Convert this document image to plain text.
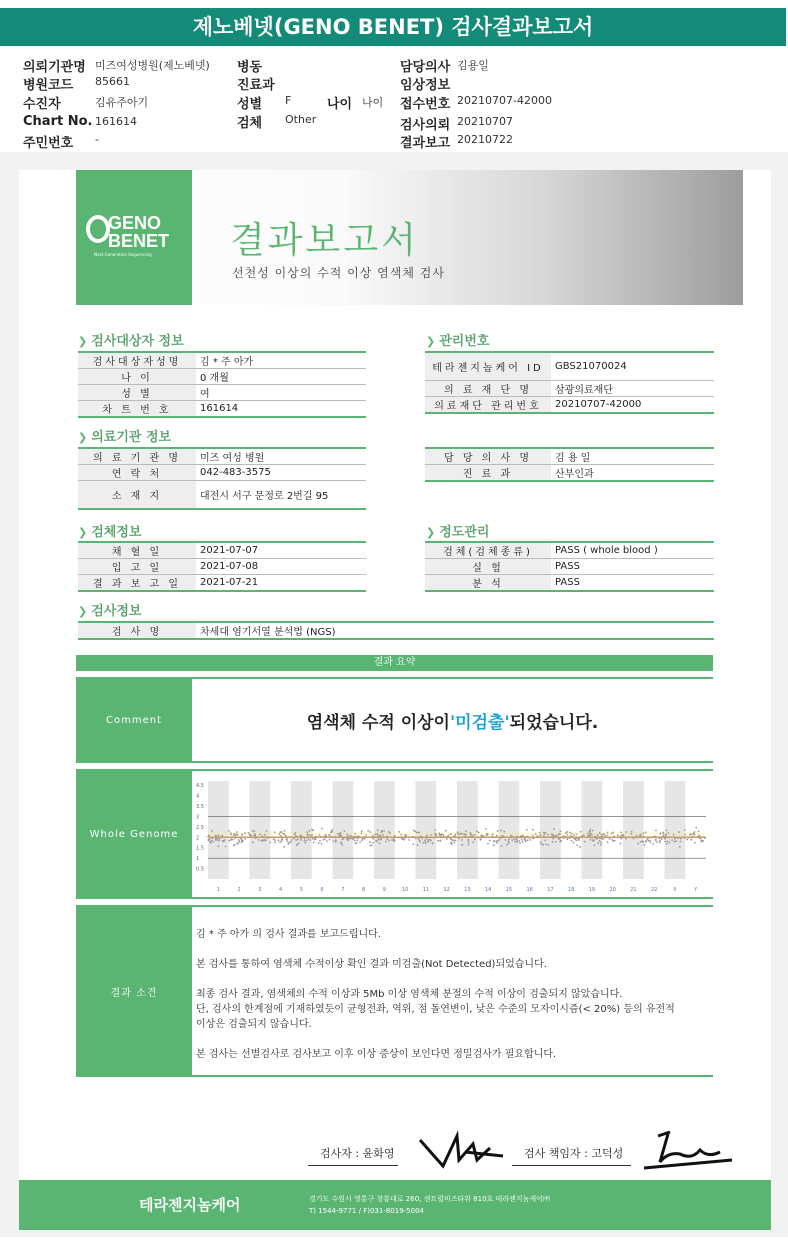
제노베넷(GENO BENET) 검사결과보고서
의뢰기관명 미즈여성병원(제노베넷)
병원코드 85661
수진자	김유주아기
Chart No. 161614
주민번호 -
병동
진료과
성별 F
검체 Other
나이 나이
담당의사 김용일
임상정보
접수번호 20210707-42000
검사의뢰 20210707
결과보고 20210722
GENO
BENET
Next Generation Sequencing 결과보고서
선천성 이상의 수적 이상 염색체 검사
❯ 검사대상자 정보	❯ 관리번호
❯ 의료기관 정보
❯ 검체정보	❯ 정도관리
❯ 검사정보
검사대상자성명	김 * 주 아가
나 이	0 개월
성 별	여
차 트 번 호	161614
테라젠지놈케어 ID	GBS21070024
의 료 재 단 명	삼광의료재단
의료재단 관리번호	20210707-42000
의 료 기 관 명	미즈 여성 병원
연 락 처	042-483-3575
소 재 지	대전시 서구 문정로 2번길 95
담 당 의 사 명	김 용 일
진 료 과	산부인과
채 혈 일	2021-07-07
입 고 일	2021-07-08
결 과 보 고 일	2021-07-21
검체(검체종류)	PASS ( whole blood )
실 험	PASS
분 석	PASS
검 사 명	차세대 염기서열 분석법 (NGS)
결과 요약
Comment	염색체 수적 이상이 '미검출' 되었습니다.
Whole Genome
4.5
4
3.5
3
2.5
2
1.5
1
0.5
1	2	3	4	5	6	7	8	9	10	11	12	13	14	15	16	17	18	19	20	21	22	X	Y
결과 소견
김 * 주 아가 의 검사 결과를 보고드립니다.
본 검사를 통하여 염색체 수적이상 확인 결과 미검출(Not Detected)되었습니다.
최종 검사 결과, 염색체의 수적 이상과 5Mb 이상 염색체 분절의 수적 이상이 검출되지 않았습니다.
단, 검사의 한계점에 기재하였듯이 균형전좌, 역위, 점 돌연변이, 낮은 수준의 모자이시즘(< 20%) 등의 유전적
이상은 검출되지 않습니다.
본 검사는 선별검사로 검사보고 이후 이상 증상이 보인다면 정밀검사가 필요합니다.
검사자 : 윤화영	검사 책임자 : 고덕성
테라젠지놈케어	경기도 수원시 영통구 창룡대로 260, 센트럴비즈타워 810호 테라젠지놈케어㈜
T) 1544-9771 / F)031-8019-5004
